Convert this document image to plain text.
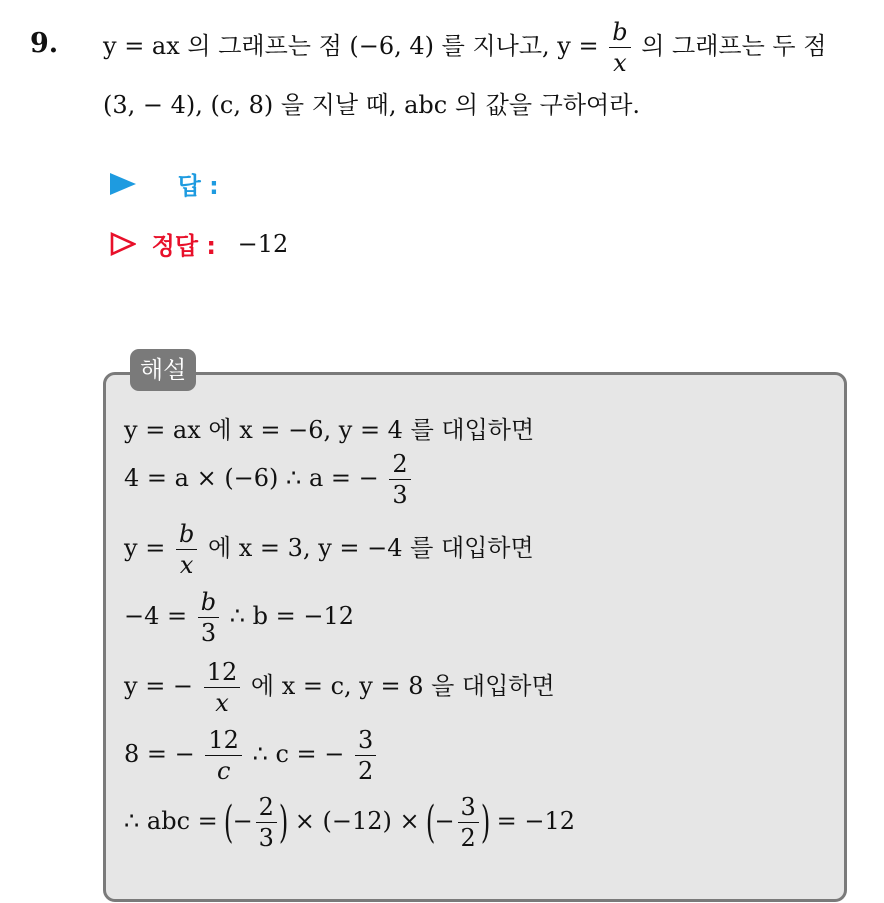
9. y = ax 의 그래프는 점 (−6, 4) 를 지나고, $y = \frac{b}{x}$ 의 그래프는 두 점
(3, − 4), (c, 8) 을 지날 때, abc 의 값을 구하여라.
답 :
정답 : −12
해설
y = ax 에 x = −6, y = 4 를 대입하면
4 = a × (−6) ∴ a = − $\frac{2}{3}$
$y = \frac{b}{x}$ 에 x = 3, y = −4 를 대입하면
$-4 = \frac{b}{3}$ ∴ b = −12
y = − $\frac{12}{x}$ 에 x = c, y = 8 을 대입하면
8 = − $\frac{12}{c}$ ∴ c = − $\frac{3}{2}$
∴ abc = (− $\frac{2}{3}$ ) × (−12) × (− $\frac{3}{2}$ ) = −12
